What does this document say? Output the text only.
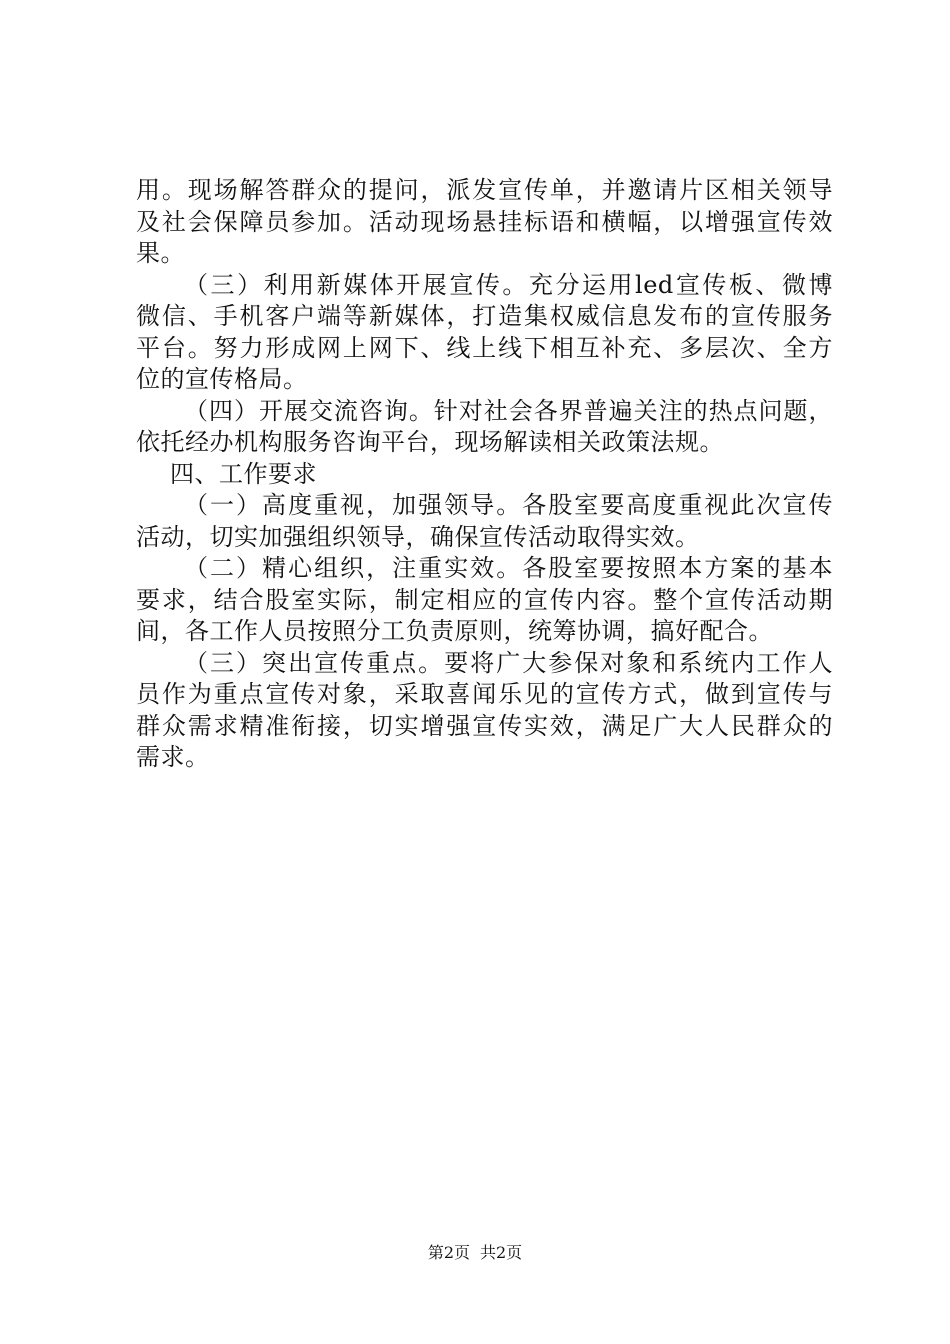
用。现场解答群众的提问，派发宣传单，并邀请片区相关领导
及社会保障员参加。活动现场悬挂标语和横幅，以增强宣传效
果。
（三）利用新媒体开展宣传。充分运用led宣传板、微博
微信、手机客户端等新媒体，打造集权威信息发布的宣传服务
平台。努力形成网上网下、线上线下相互补充、多层次、全方
位的宣传格局。
（四）开展交流咨询。针对社会各界普遍关注的热点问题，
依托经办机构服务咨询平台，现场解读相关政策法规。
四、工作要求
（一）高度重视，加强领导。各股室要高度重视此次宣传
活动，切实加强组织领导，确保宣传活动取得实效。
（二）精心组织，注重实效。各股室要按照本方案的基本
要求，结合股室实际，制定相应的宣传内容。整个宣传活动期
间，各工作人员按照分工负责原则，统筹协调，搞好配合。
（三）突出宣传重点。要将广大参保对象和系统内工作人
员作为重点宣传对象，采取喜闻乐见的宣传方式，做到宣传与
群众需求精准衔接，切实增强宣传实效，满足广大人民群众的
需求。
第2页 共2页
